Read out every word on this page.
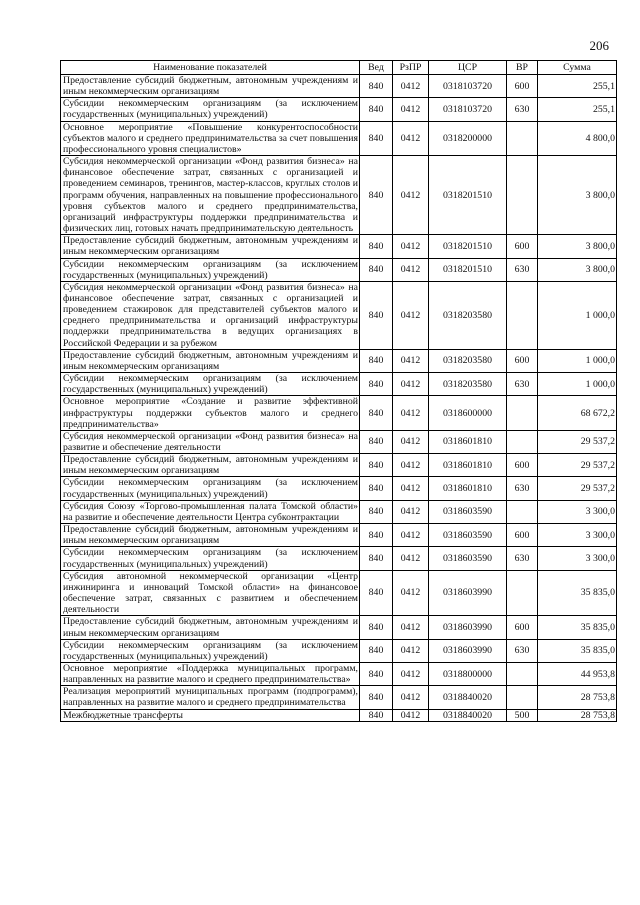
206
Наименование показателей	Вед	РзПР	ЦСР	ВР	Сумма
Предоставление субсидий бюджетным, автономным учреждениям и иным некоммерческим организациям	840	0412	0318103720	600	255,1
Субсидии некоммерческим организациям (за исключением государственных (муниципальных) учреждений)	840	0412	0318103720	630	255,1
Основное мероприятие «Повышение конкурентоспособности субъектов малого и среднего предпринимательства за счет повышения профессионального уровня специалистов»	840	0412	0318200000		4 800,0
Субсидия некоммерческой организации «Фонд развития бизнеса» на финансовое обеспечение затрат, связанных с организацией и проведением семинаров, тренингов, мастер-классов, круглых столов и программ обучения, направленных на повышение профессионального уровня субъектов малого и среднего предпринимательства, организаций инфраструктуры поддержки предпринимательства и физических лиц, готовых начать предпринимательскую деятельность	840	0412	0318201510		3 800,0
Предоставление субсидий бюджетным, автономным учреждениям и иным некоммерческим организациям	840	0412	0318201510	600	3 800,0
Субсидии некоммерческим организациям (за исключением государственных (муниципальных) учреждений)	840	0412	0318201510	630	3 800,0
Субсидия некоммерческой организации «Фонд развития бизнеса» на финансовое обеспечение затрат, связанных с организацией и проведением стажировок для представителей субъектов малого и среднего предпринимательства и организаций инфраструктуры поддержки предпринимательства в ведущих организациях в Российской Федерации и за рубежом	840	0412	0318203580		1 000,0
Предоставление субсидий бюджетным, автономным учреждениям и иным некоммерческим организациям	840	0412	0318203580	600	1 000,0
Субсидии некоммерческим организациям (за исключением государственных (муниципальных) учреждений)	840	0412	0318203580	630	1 000,0
Основное мероприятие «Создание и развитие эффективной инфраструктуры поддержки субъектов малого и среднего предпринимательства»	840	0412	0318600000		68 672,2
Субсидия некоммерческой организации «Фонд развития бизнеса» на развитие и обеспечение деятельности	840	0412	0318601810		29 537,2
Предоставление субсидий бюджетным, автономным учреждениям и иным некоммерческим организациям	840	0412	0318601810	600	29 537,2
Субсидии некоммерческим организациям (за исключением государственных (муниципальных) учреждений)	840	0412	0318601810	630	29 537,2
Субсидия Союзу «Торгово-промышленная палата Томской области» на развитие и обеспечение деятельности Центра субконтрактации	840	0412	0318603590		3 300,0
Предоставление субсидий бюджетным, автономным учреждениям и иным некоммерческим организациям	840	0412	0318603590	600	3 300,0
Субсидии некоммерческим организациям (за исключением государственных (муниципальных) учреждений)	840	0412	0318603590	630	3 300,0
Субсидия автономной некоммерческой организации «Центр инжиниринга и инноваций Томской области» на финансовое обеспечение затрат, связанных с развитием и обеспечением деятельности	840	0412	0318603990		35 835,0
Предоставление субсидий бюджетным, автономным учреждениям и иным некоммерческим организациям	840	0412	0318603990	600	35 835,0
Субсидии некоммерческим организациям (за исключением государственных (муниципальных) учреждений)	840	0412	0318603990	630	35 835,0
Основное мероприятие «Поддержка муниципальных программ, направленных на развитие малого и среднего предпринимательства»	840	0412	0318800000		44 953,8
Реализация мероприятий муниципальных программ (подпрограмм), направленных на развитие малого и среднего предпринимательства	840	0412	0318840020		28 753,8
Межбюджетные трансферты	840	0412	0318840020	500	28 753,8
